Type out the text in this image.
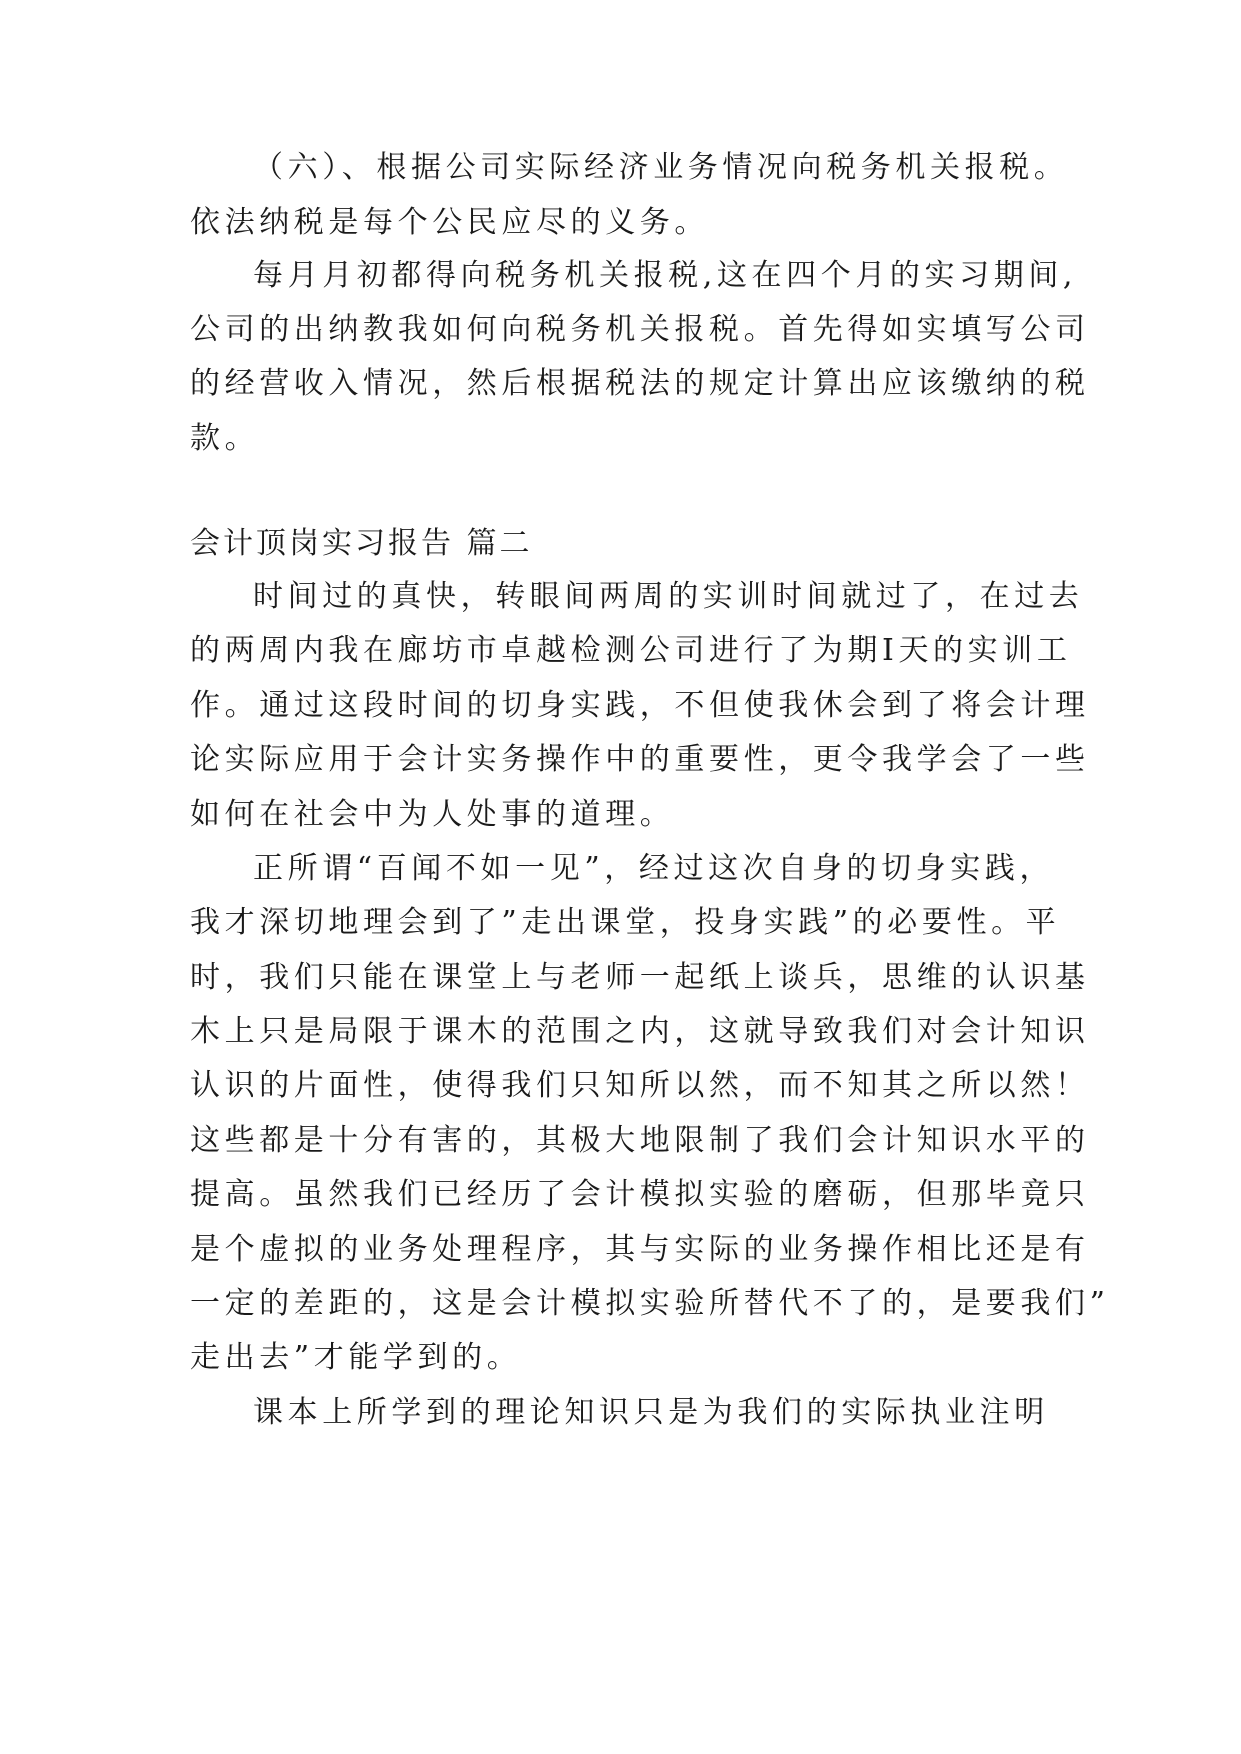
（六）、根据公司实际经济业务情况向税务机关报税。

依法纳税是每个公民应尽的义务。

每月月初都得向税务机关报税,这在四个月的实习期间,

公司的出纳教我如何向税务机关报税。首先得如实填写公司

的经营收入情况，然后根据税法的规定计算出应该缴纳的税

款。

会计顶岗实习报告 篇二

时间过的真快，转眼间两周的实训时间就过了，在过去

的两周内我在廊坊市卓越检测公司进行了为期Ⅰ天的实训工

作。通过这段时间的切身实践，不但使我休会到了将会计理

论实际应用于会计实务操作中的重要性，更令我学会了一些

如何在社会中为人处事的道理。

正所谓“百闻不如一见”，经过这次自身的切身实践，

我才深切地理会到了”走出课堂，投身实践”的必要性。平

时，我们只能在课堂上与老师一起纸上谈兵，思维的认识基

木上只是局限于课木的范围之内，这就导致我们对会计知识

认识的片面性，使得我们只知所以然，而不知其之所以然！

这些都是十分有害的，其极大地限制了我们会计知识水平的

提高。虽然我们已经历了会计模拟实验的磨砺，但那毕竟只

是个虚拟的业务处理程序，其与实际的业务操作相比还是有

一定的差距的，这是会计模拟实验所替代不了的，是要我们”

走出去”才能学到的。

课本上所学到的理论知识只是为我们的实际执业注明
